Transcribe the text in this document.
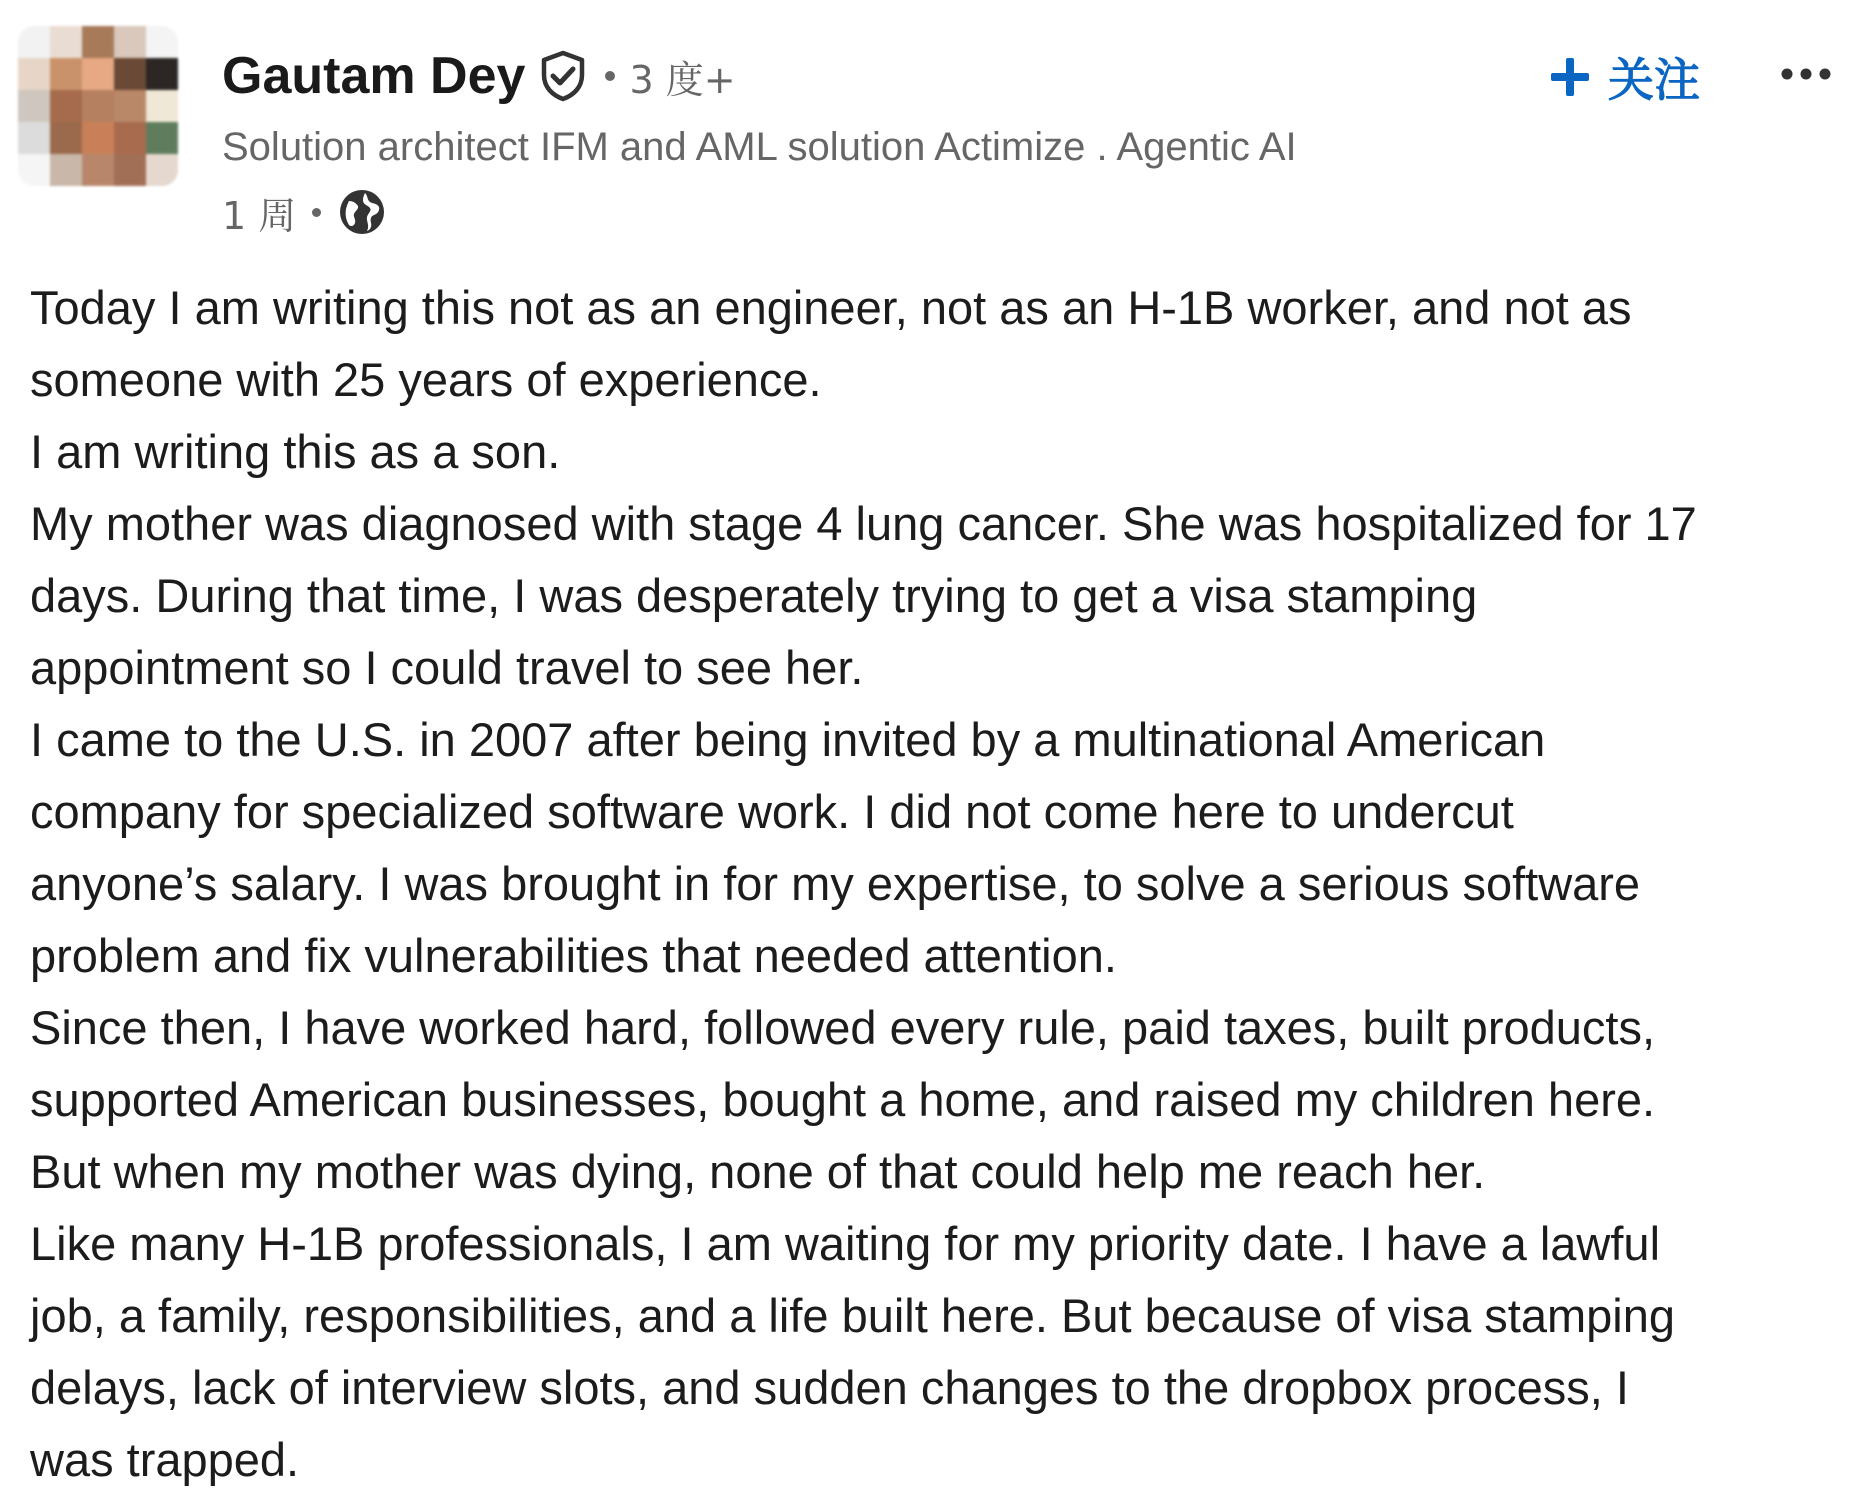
Gautam Dey	3 度+
Solution architect IFM and AML solution Actimize . Agentic AI
1 周
关注
Today I am writing this not as an engineer, not as an H-1B worker, and not as
someone with 25 years of experience.
I am writing this as a son.
My mother was diagnosed with stage 4 lung cancer. She was hospitalized for 17
days. During that time, I was desperately trying to get a visa stamping
appointment so I could travel to see her.
I came to the U.S. in 2007 after being invited by a multinational American
company for specialized software work. I did not come here to undercut
anyone’s salary. I was brought in for my expertise, to solve a serious software
problem and fix vulnerabilities that needed attention.
Since then, I have worked hard, followed every rule, paid taxes, built products,
supported American businesses, bought a home, and raised my children here.
But when my mother was dying, none of that could help me reach her.
Like many H-1B professionals, I am waiting for my priority date. I have a lawful
job, a family, responsibilities, and a life built here. But because of visa stamping
delays, lack of interview slots, and sudden changes to the dropbox process, I
was trapped.
